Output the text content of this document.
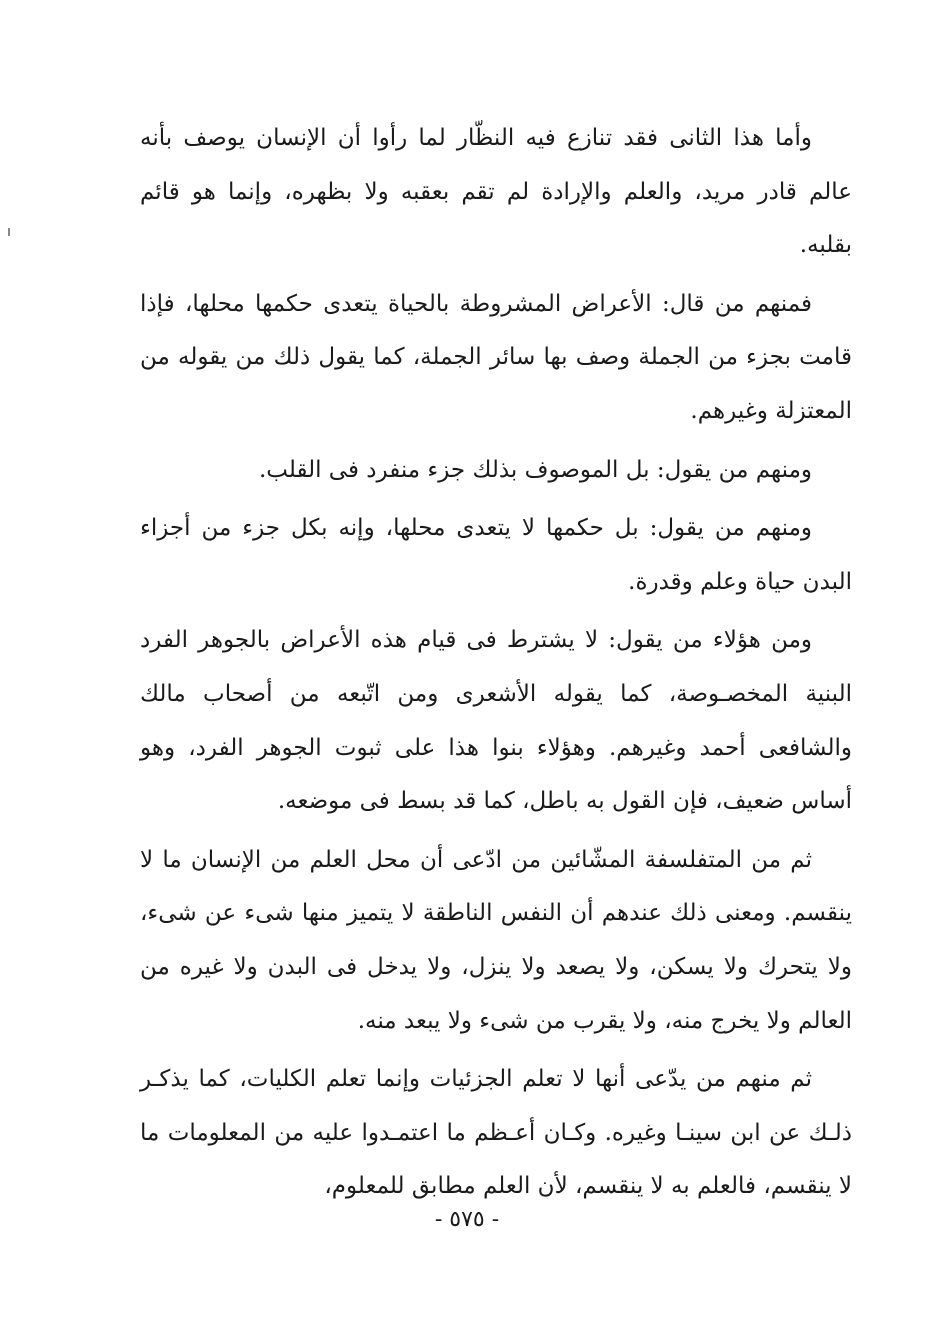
وأما هذا الثانى فقد تنازع فيه النظّار لما رأوا أن الإنسان يوصف بأنه عالم قادر مريد، والعلم والإرادة لم تقم بعقبه ولا بظهره، وإنما هو قائم بقلبه.

فمنهم من قال: الأعراض المشروطة بالحياة يتعدى حكمها محلها، فإذا قامت بجزء من الجملة وصف بها سائر الجملة، كما يقول ذلك من يقوله من المعتزلة وغيرهم.

ومنهم من يقول: بل الموصوف بذلك جزء منفرد فى القلب.

ومنهم من يقول: بل حكمها لا يتعدى محلها، وإنه بكل جزء من أجزاء البدن حياة وعلم وقدرة.

ومن هؤلاء من يقول: لا يشترط فى قيام هذه الأعراض بالجوهر الفرد البنية المخصـوصة، كما يقوله الأشعرى ومن اتّبعه من أصحاب مالك والشافعى أحمد وغيرهم. وهؤلاء بنوا هذا على ثبوت الجوهر الفرد، وهو أساس ضعيف، فإن القول به باطل، كما قد بسط فى موضعه.

ثم من المتفلسفة المشّائين من ادّعى أن محل العلم من الإنسان ما لا ينقسم. ومعنى ذلك عندهم أن النفس الناطقة لا يتميز منها شىء عن شىء، ولا يتحرك ولا يسكن، ولا يصعد ولا ينزل، ولا يدخل فى البدن ولا غيره من العالم ولا يخرج منه، ولا يقرب من شىء ولا يبعد منه.

ثم منهم من يدّعى أنها لا تعلم الجزئيات وإنما تعلم الكليات، كما يذكـر ذلـك عن ابن سينـا وغيره. وكـان أعـظم ما اعتمـدوا عليه من المعلومات ما لا ينقسم، فالعلم به لا ينقسم، لأن العلم مطابق للمعلوم،

- ٥٧٥ -
